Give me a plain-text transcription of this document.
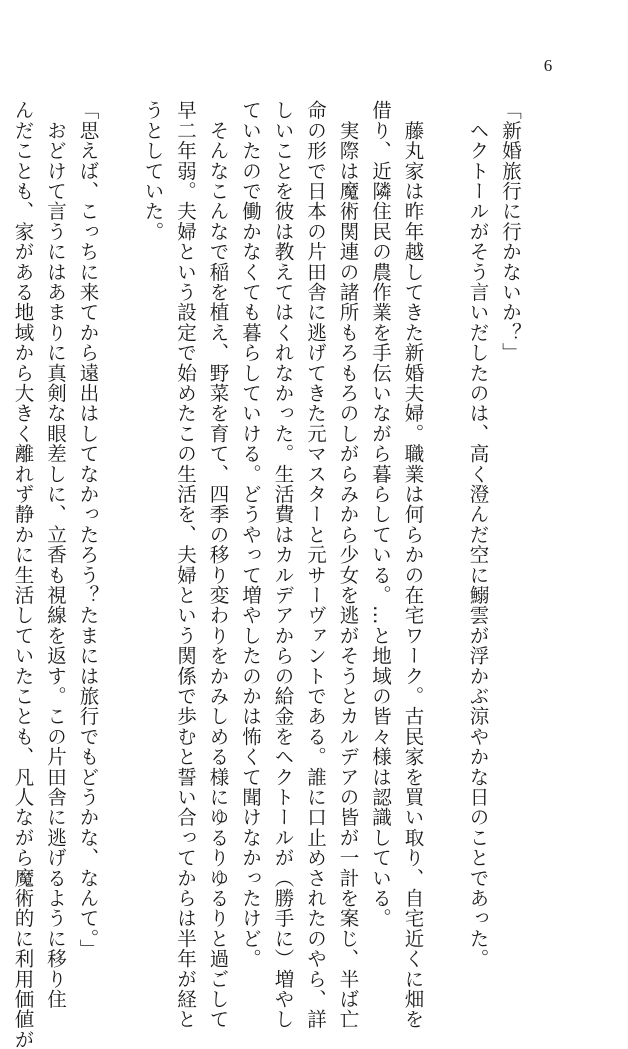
6
「新婚旅行に行かないか？」
　ヘクトールがそう言いだしたのは、高く澄んだ空に鰯雲が浮かぶ涼やかな日のことであった。

　藤丸家は昨年越してきた新婚夫婦。職業は何らかの在宅ワーク。古民家を買い取り、自宅近くに畑を
借り、近隣住民の農作業を手伝いながら暮らしている。…と地域の皆々様は認識している。
　実際は魔術関連の諸所もろもろのしがらみから少女を逃がそうとカルデアの皆が一計を案じ、半ば亡
命の形で日本の片田舎に逃げてきた元マスターと元サーヴァントである。誰に口止めされたのやら、詳
しいことを彼は教えてはくれなかった。生活費はカルデアからの給金をヘクトールが（勝手に）増やし
ていたので働かなくても暮らしていける。どうやって増やしたのかは怖くて聞けなかったけど。
　そんなこんなで稲を植え、野菜を育て、四季の移り変わりをかみしめる様にゆるりゆるりと過ごして
早二年弱。夫婦という設定で始めたこの生活を、夫婦という関係で歩むと誓い合ってからは半年が経と
うとしていた。

「思えば、こっちに来てから遠出はしてなかったろう？たまには旅行でもどうかな、なんて。」
　おどけて言うにはあまりに真剣な眼差しに、立香も視線を返す。この片田舎に逃げるように移り住
んだことも、家がある地域から大きく離れず静かに生活していたことも、凡人ながら魔術的に利用価値が
